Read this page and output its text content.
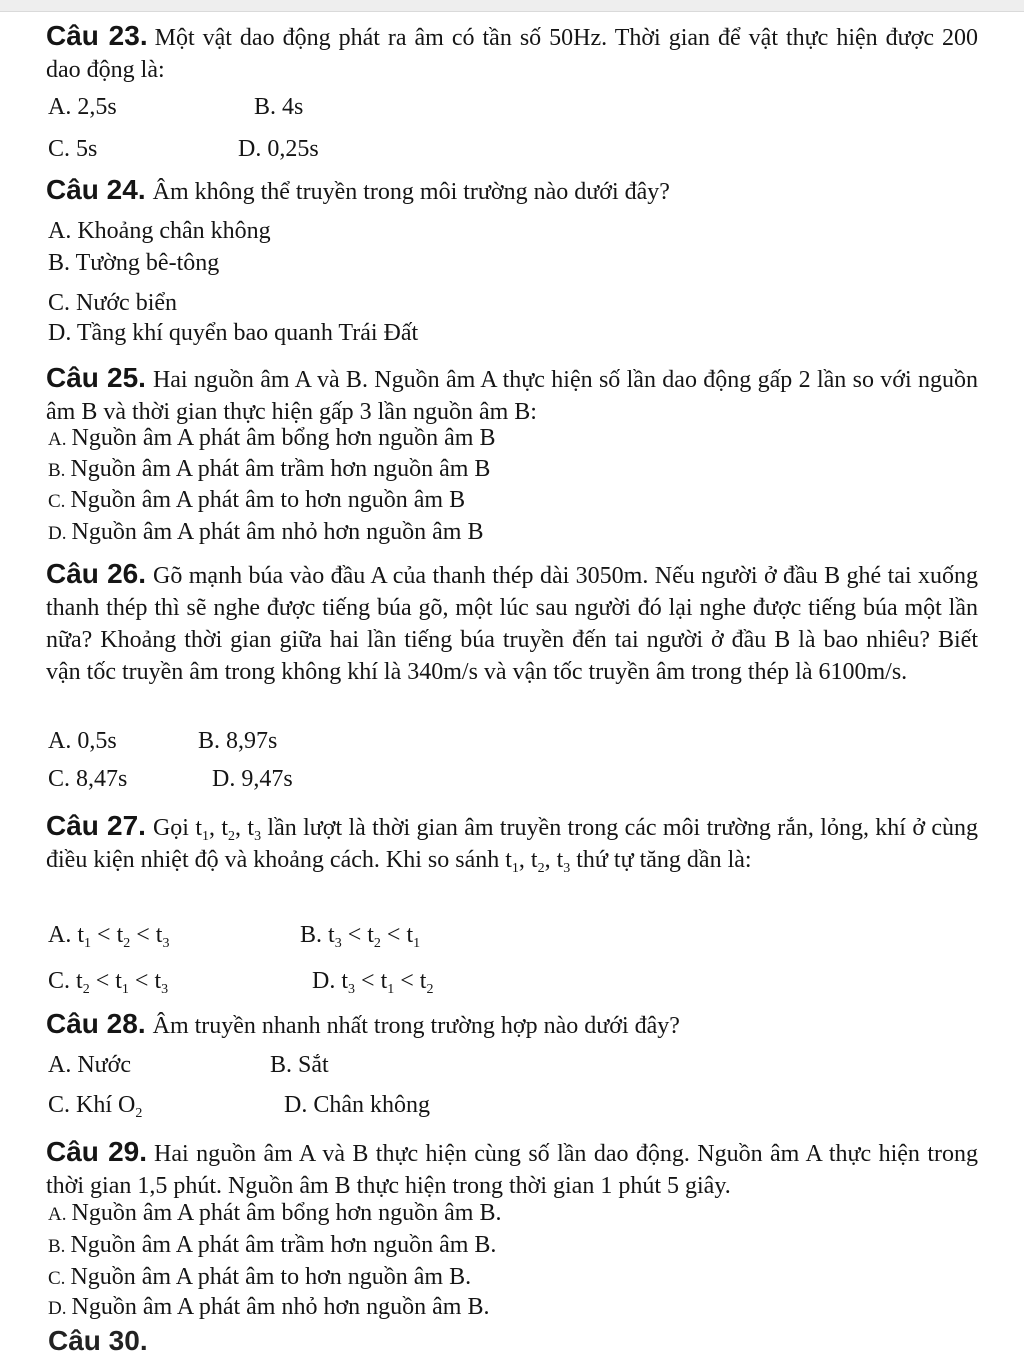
Câu 23. Một vật dao động phát ra âm có tần số 50Hz. Thời gian để vật thực hiện được 200 dao động là:
A. 2,5s	B. 4s
C. 5s	D. 0,25s
Câu 24. Âm không thể truyền trong môi trường nào dưới đây?
A. Khoảng chân không
B. Tường bê-tông
C. Nước biển
D. Tầng khí quyển bao quanh Trái Đất
Câu 25. Hai nguồn âm A và B. Nguồn âm A thực hiện số lần dao động gấp 2 lần so với nguồn âm B và thời gian thực hiện gấp 3 lần nguồn âm B:
A. Nguồn âm A phát âm bổng hơn nguồn âm B
B. Nguồn âm A phát âm trầm hơn nguồn âm B
C. Nguồn âm A phát âm to hơn nguồn âm B
D. Nguồn âm A phát âm nhỏ hơn nguồn âm B
Câu 26. Gõ mạnh búa vào đầu A của thanh thép dài 3050m. Nếu người ở đầu B ghé tai xuống thanh thép thì sẽ nghe được tiếng búa gõ, một lúc sau người đó lại nghe được tiếng búa một lần nữa? Khoảng thời gian giữa hai lần tiếng búa truyền đến tai người ở đầu B là bao nhiêu? Biết vận tốc truyền âm trong không khí là 340m/s và vận tốc truyền âm trong thép là 6100m/s.
A. 0,5s	B. 8,97s
C. 8,47s	D. 9,47s
Câu 27. Gọi $t_1$, $t_2$, $t_3$ lần lượt là thời gian âm truyền trong các môi trường rắn, lỏng, khí ở cùng điều kiện nhiệt độ và khoảng cách. Khi so sánh $t_1$, $t_2$, $t_3$ thứ tự tăng dần là:
A. $t_1 < t_2 < t_3$	B. $t_3 < t_2 < t_1$
C. $t_2 < t_1 < t_3$	D. $t_3 < t_1 < t_2$
Câu 28. Âm truyền nhanh nhất trong trường hợp nào dưới đây?
A. Nước	B. Sắt
C. Khí $O_2$	D. Chân không
Câu 29. Hai nguồn âm A và B thực hiện cùng số lần dao động. Nguồn âm A thực hiện trong thời gian 1,5 phút. Nguồn âm B thực hiện trong thời gian 1 phút 5 giây.
A. Nguồn âm A phát âm bổng hơn nguồn âm B.
B. Nguồn âm A phát âm trầm hơn nguồn âm B.
C. Nguồn âm A phát âm to hơn nguồn âm B.
D. Nguồn âm A phát âm nhỏ hơn nguồn âm B.
Câu 30.
